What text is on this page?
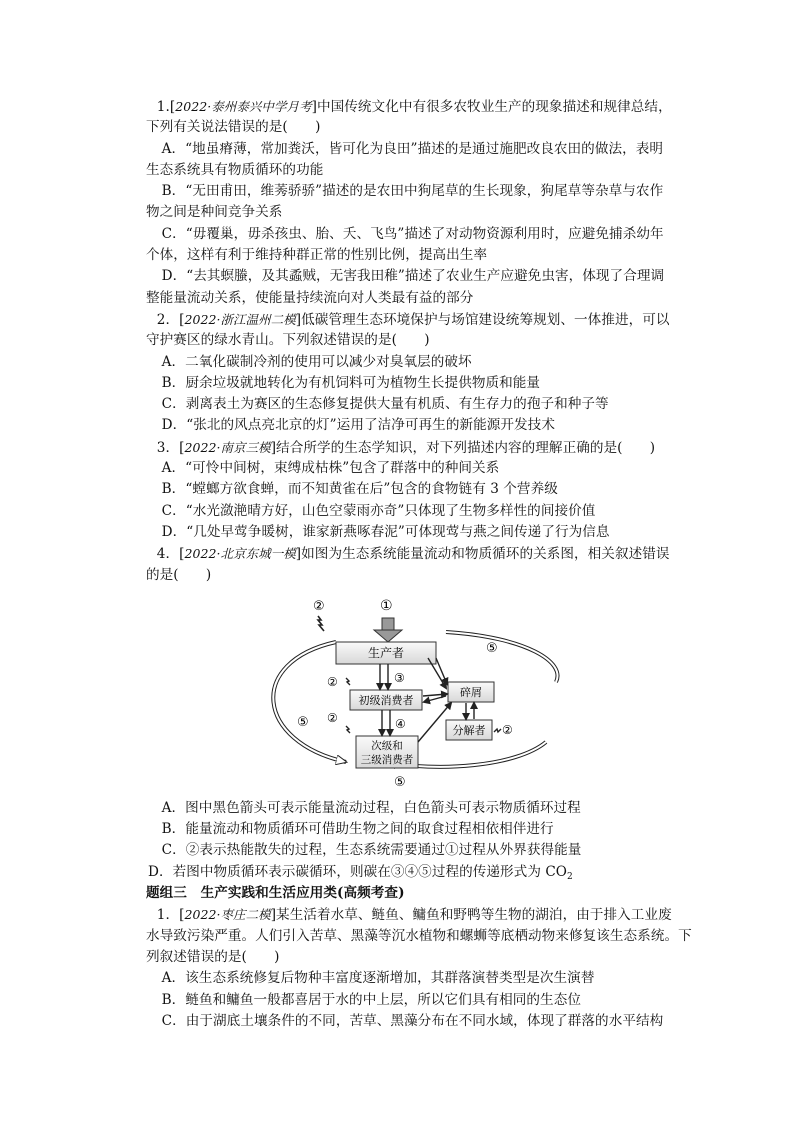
1.[2022·泰州泰兴中学月考]中国传统文化中有很多农牧业生产的现象描述和规律总结，
下列有关说法错误的是(　　)
　A．“地虽瘠薄，常加粪沃，皆可化为良田”描述的是通过施肥改良农田的做法，表明
生态系统具有物质循环的功能
　B．“无田甫田，维莠骄骄”描述的是农田中狗尾草的生长现象，狗尾草等杂草与农作
物之间是种间竞争关系
　C．“毋覆巢，毋杀孩虫、胎、夭、飞鸟”描述了对动物资源利用时，应避免捕杀幼年
个体，这样有利于维持种群正常的性别比例，提高出生率
　D．“去其螟螣，及其蟊贼，无害我田稚”描述了农业生产应避免虫害，体现了合理调
整能量流动关系，使能量持续流向对人类最有益的部分
2．[2022·浙江温州二模]低碳管理生态环境保护与场馆建设统筹规划、一体推进，可以
守护赛区的绿水青山。下列叙述错误的是(　　)
　A．二氧化碳制冷剂的使用可以减少对臭氧层的破坏
　B．厨余垃圾就地转化为有机饲料可为植物生长提供物质和能量
　C．剥离表土为赛区的生态修复提供大量有机质、有生存力的孢子和种子等
　D．“张北的风点亮北京的灯”运用了洁净可再生的新能源开发技术
3．[2022·南京三模]结合所学的生态学知识，对下列描述内容的理解正确的是(　　)
　A．“可怜中间树，束缚成枯株”包含了群落中的种间关系
　B．“螳螂方欲食蝉，而不知黄雀在后”包含的食物链有 3 个营养级
　C．“水光潋滟晴方好，山色空蒙雨亦奇”只体现了生物多样性的间接价值
　D．“几处早莺争暖树，谁家新燕啄春泥”可体现莺与燕之间传递了行为信息
4．[2022·北京东城一模]如图为生态系统能量流动和物质循环的关系图，相关叙述错误
的是(　　)
①
②
生产者	⑤
⑤
⑤
初级消费者
③
②
次级和
三级消费者
④
②
碎屑
分解者 ②
　A．图中黑色箭头可表示能量流动过程，白色箭头可表示物质循环过程
　B．能量流动和物质循环可借助生物之间的取食过程相依相伴进行
　C．②表示热能散失的过程，生态系统需要通过①过程从外界获得能量
D．若图中物质循环表示碳循环，则碳在③④⑤过程的传递形式为 $CO_2$
题组三　生产实践和生活应用类(高频考查)
1．[2022·枣庄二模]某生活着水草、鲢鱼、鳙鱼和野鸭等生物的湖泊，由于排入工业废
水导致污染严重。人们引入苦草、黑藻等沉水植物和螺蛳等底栖动物来修复该生态系统。下
列叙述错误的是(　　)
　A．该生态系统修复后物种丰富度逐渐增加，其群落演替类型是次生演替
　B．鲢鱼和鳙鱼一般都喜居于水的中上层，所以它们具有相同的生态位
　C．由于湖底土壤条件的不同，苦草、黑藻分布在不同水域，体现了群落的水平结构
